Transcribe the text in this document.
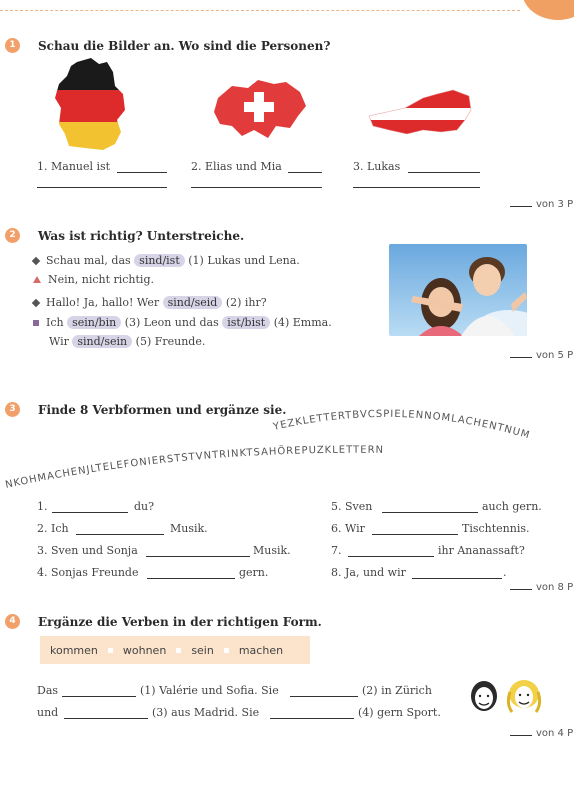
1	Schau die Bilder an. Wo sind die Personen?
1. Manuel ist	2. Elias und Mia	3. Lukas
von 3 P
2	Was ist richtig? Unterstreiche.
Schau mal, das sind/ist (1) Lukas und Lena.
Nein, nicht richtig.
Hallo! Ja, hallo! Wer sind/seid (2) ihr?
Ich sein/bin (3) Leon und das ist/bist (4) Emma.
Wir sind/sein (5) Freunde.
von 5 P
3	Finde 8 Verbformen und ergänze sie.
YEZKLETTERTBVCSPIELENNOMLACHENTNUM
NKOHMACHENJLTELEFONIERSTSTVNTRINKTSAHÖREPUZKLETTERN
1.	du?
2. Ich	Musik.
3. Sven und Sonja	Musik.
4. Sonjas Freunde	gern.
5. Sven	auch gern.
6. Wir	Tischtennis.
7.	ihr Ananassaft?
8. Ja, und wir	.
von 8 P
4	Ergänze die Verben in der richtigen Form.
kommen wohnen sein machen
Das	(1) Valérie und Sofia. Sie	(2) in Zürich
und	(3) aus Madrid. Sie	(4) gern Sport.
von 4 P
